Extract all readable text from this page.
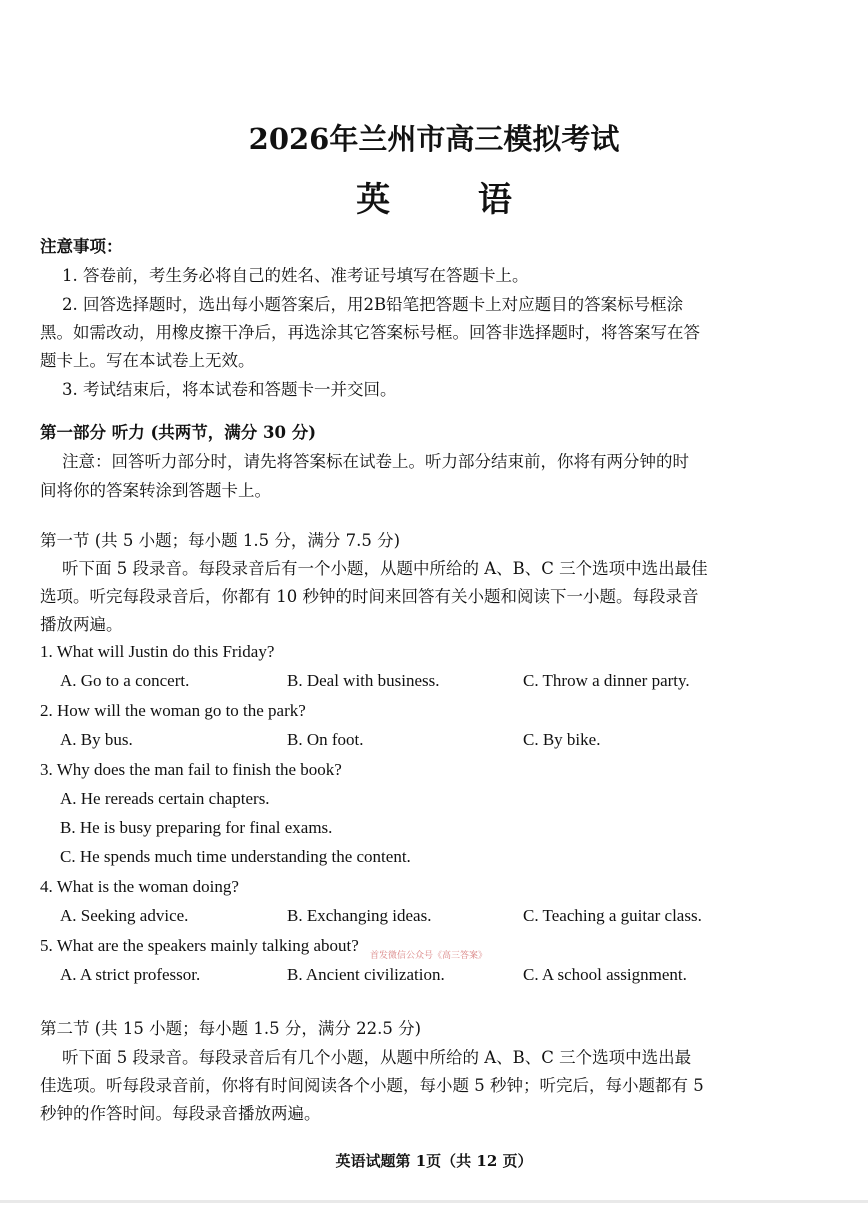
2026年兰州市高三模拟考试
英 语
注意事项：
1. 答卷前，考生务必将自己的姓名、准考证号填写在答题卡上。
2. 回答选择题时，选出每小题答案后，用2B铅笔把答题卡上对应题目的答案标号框涂
黑。如需改动，用橡皮擦干净后，再选涂其它答案标号框。回答非选择题时，将答案写在答
题卡上。写在本试卷上无效。
3. 考试结束后，将本试卷和答题卡一并交回。
第一部分 听力 (共两节，满分 30 分)
注意：回答听力部分时，请先将答案标在试卷上。听力部分结束前，你将有两分钟的时
间将你的答案转涂到答题卡上。
第一节 (共 5 小题；每小题 1.5 分，满分 7.5 分)
听下面 5 段录音。每段录音后有一个小题，从题中所给的 A、B、C 三个选项中选出最佳
选项。听完每段录音后，你都有 10 秒钟的时间来回答有关小题和阅读下一小题。每段录音
播放两遍。
1. What will Justin do this Friday?
A. Go to a concert.	B. Deal with business.	C. Throw a dinner party.
2. How will the woman go to the park?
A. By bus.	B. On foot.	C. By bike.
3. Why does the man fail to finish the book?
A. He rereads certain chapters.
B. He is busy preparing for final exams.
C. He spends much time understanding the content.
4. What is the woman doing?
A. Seeking advice.	B. Exchanging ideas.	C. Teaching a guitar class.
5. What are the speakers mainly talking about?
首发微信公众号《高三答案》
A. A strict professor.	B. Ancient civilization.	C. A school assignment.
第二节 (共 15 小题；每小题 1.5 分，满分 22.5 分)
听下面 5 段录音。每段录音后有几个小题，从题中所给的 A、B、C 三个选项中选出最
佳选项。听每段录音前，你将有时间阅读各个小题，每小题 5 秒钟；听完后，每小题都有 5
秒钟的作答时间。每段录音播放两遍。
英语试题第 1页（共 12 页）
